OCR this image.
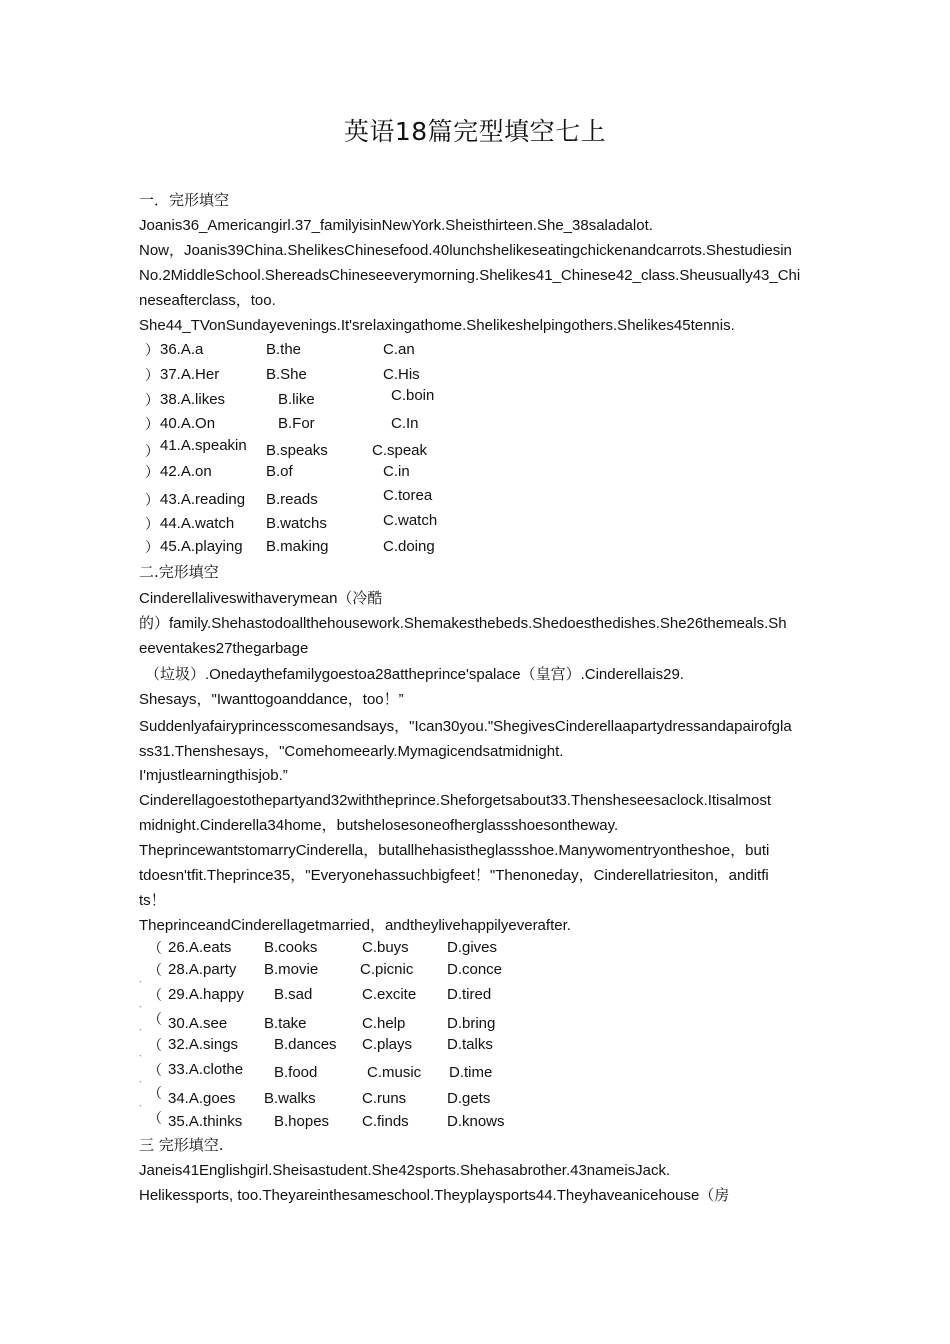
英语18篇完型填空七上
一．完形填空
Joanis36_Americangirl.37_familyisinNewYork.Sheisthirteen.She_38saladalot.
Now，Joanis39China.ShelikesChinesefood.40lunchshelikeseatingchickenandcarrots.Shestudiesin
No.2MiddleSchool.ShereadsChineseeverymorning.Shelikes41_Chinese42_class.Sheusually43_Chi
neseafterclass，too.
She44_TVonSundayevenings.It'srelaxingathome.Shelikeshelpingothers.Shelikes45tennis.
） 36.A.a	B.the	C.an
） 37.A.Her	B.She	C.His
） 38.A.likes	B.like	C.boin
） 40.A.On	B.For	C.In
） 41.A.speakin B.speaks	C.speak
） 42.A.on	B.of	C.in
） 43.A.reading B.reads	C.torea
） 44.A.watch B.watchs	C.watch
） 45.A.playing B.making	C.doing
二.完形填空
Cinderellaliveswithaverymean（冷酷
的）family.Shehastodoallthehousework.Shemakesthebeds.Shedoesthedishes.She26themeals.Sh
eeventakes27thegarbage
（垃圾）.Onedaythefamilygoestoa28attheprince'spalace（皇宫）.Cinderellais29.
Shesays，"Iwanttogoanddance，too！”
Suddenlyafairyprincesscomesandsays，"Ican30you."ShegivesCinderellaapartydressandapairofgla
ss31.Thenshesays，"Comehomeearly.Mymagicendsatmidnight.
I'mjustlearningthisjob.”
Cinderellagoestothepartyand32withtheprince.Sheforgetsabout33.Thensheseesaclock.Itisalmost
midnight.Cinderella34home，butshelosesoneofherglassshoesontheway.
TheprincewantstomarryCinderella，butallhehasistheglassshoe.Manywomentryontheshoe，buti
tdoesn'tfit.Theprince35，"Everyonehassuchbigfeet！"Thenoneday，Cinderellatriesiton，anditfi
ts！
TheprinceandCinderellagetmarried，andtheylivehappilyeverafter.
（ 26.A.eats B.cooks	C.buys	D.gives
（ 28.A.party B.movie	C.picnic D.conce
`
（ 29.A.happy B.sad	C.excite D.tired
`
（ 30.A.see B.take	C.help	D.bring
`
（ 32.A.sings B.dances C.plays D.talks
`
（ 33.A.clothe B.food	C.music D.time
` （ 34.A.goes B.walks	C.runs	D.gets
`
（ 35.A.thinks B.hopes C.finds	D.knows
三 完形填空.
Janeis41Englishgirl.Sheisastudent.She42sports.Shehasabrother.43nameisJack.
Helikessports, too.Theyareinthesameschool.Theyplaysports44.Theyhaveanicehouse（房
